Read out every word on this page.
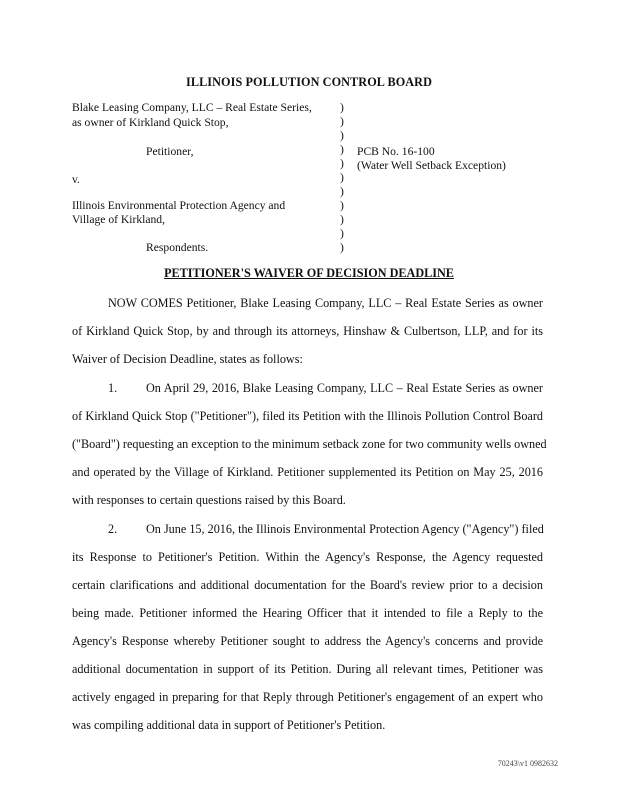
ILLINOIS POLLUTION CONTROL BOARD
Blake Leasing Company, LLC – Real Estate Series,
as owner of Kirkland Quick Stop,
Petitioner,
v.
Illinois Environmental Protection Agency and
Village of Kirkland,
Respondents.
)
)
)
)
)
)
)
)
)
)
)
PCB No. 16-100
(Water Well Setback Exception)
PETITIONER'S WAIVER OF DECISION DEADLINE
NOW COMES Petitioner, Blake Leasing Company, LLC – Real Estate Series as owner
of Kirkland Quick Stop, by and through its attorneys, Hinshaw & Culbertson, LLP, and for its
Waiver of Decision Deadline, states as follows:
1. On April 29, 2016, Blake Leasing Company, LLC – Real Estate Series as owner
of Kirkland Quick Stop ("Petitioner"), filed its Petition with the Illinois Pollution Control Board
("Board") requesting an exception to the minimum setback zone for two community wells owned
and operated by the Village of Kirkland. Petitioner supplemented its Petition on May 25, 2016
with responses to certain questions raised by this Board.
2. On June 15, 2016, the Illinois Environmental Protection Agency ("Agency") filed
its Response to Petitioner's Petition. Within the Agency's Response, the Agency requested
certain clarifications and additional documentation for the Board's review prior to a decision
being made. Petitioner informed the Hearing Officer that it intended to file a Reply to the
Agency's Response whereby Petitioner sought to address the Agency's concerns and provide
additional documentation in support of its Petition. During all relevant times, Petitioner was
actively engaged in preparing for that Reply through Petitioner's engagement of an expert who
was compiling additional data in support of Petitioner's Petition.
70243\v1 0982632
